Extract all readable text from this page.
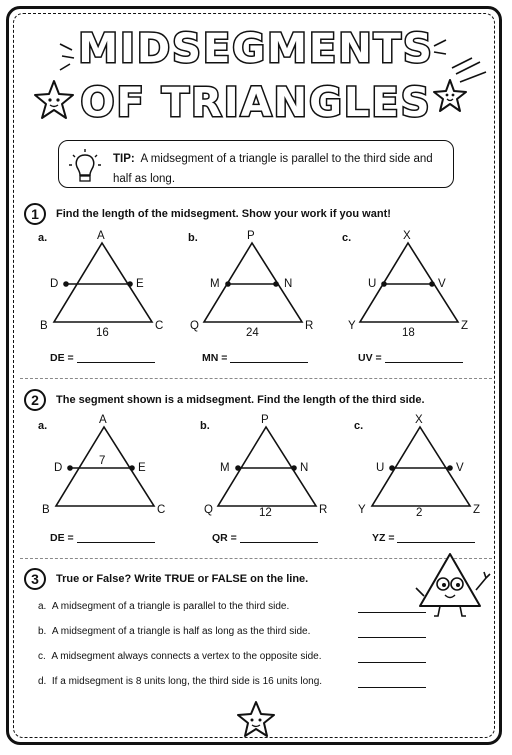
MIDSEGMENTS
OF TRIANGLES
TIP: A midsegment of a triangle is parallel to the third side and half as long.
1	Find the length of the midsegment. Show your work if you want!
a.	b.	c.
A
D	E
B	C
16
P
M	N
Q	R
24
X
U	V
Y	Z
18
DE =	MN =	UV =
2	The segment shown is a midsegment. Find the length of the third side.
a.	b.	c.
A
D	E
7
B	C
P
M	N
12
Q	R
X
U	V
2
Y	Z
DE =	QR =	YZ =
3	True or False? Write TRUE or FALSE on the line.
a. A midsegment of a triangle is parallel to the third side.
b. A midsegment of a triangle is half as long as the third side.
c. A midsegment always connects a vertex to the opposite side.
d. If a midsegment is 8 units long, the third side is 16 units long.
